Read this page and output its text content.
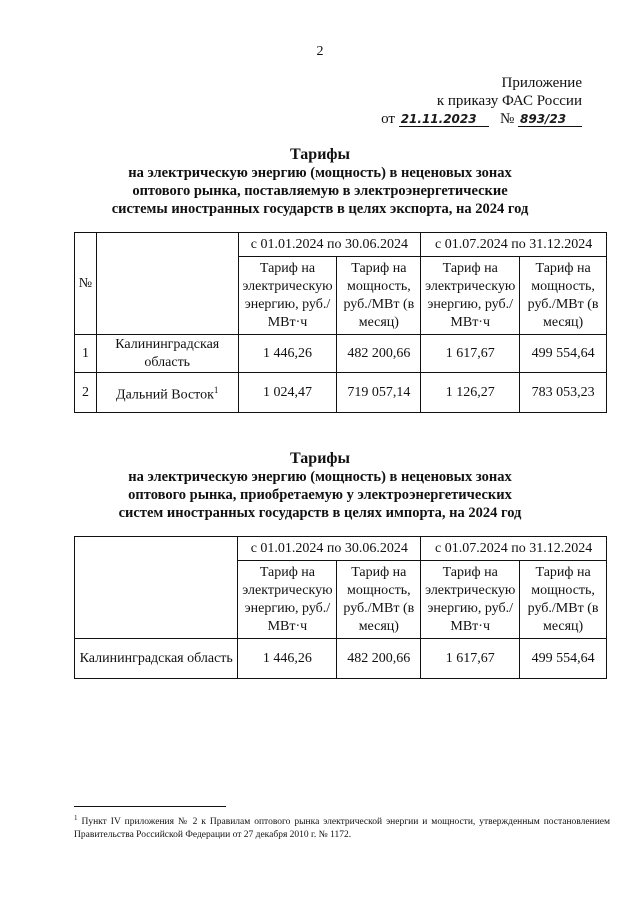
2
Приложение
к приказу ФАС России
от 21.11.2023 № 893/23
Тарифы
на электрическую энергию (мощность) в неценовых зонах
оптового рынка, поставляемую в электроэнергетические
системы иностранных государств в целях экспорта, на 2024 год
№		с 01.01.2024 по 30.06.2024		с 01.07.2024 по 31.12.2024	
		Тариф на электрическую энергию, руб./МВт·ч	Тариф на мощность, руб./МВт (в месяц)	Тариф на электрическую энергию, руб./МВт·ч	Тариф на мощность, руб./МВт (в месяц)
1	Калининградская область	1 446,26	482 200,66	1 617,67	499 554,64
2	Дальний Восток$^1$	1 024,47	719 057,14	1 126,27	783 053,23
Тарифы
на электрическую энергию (мощность) в неценовых зонах
оптового рынка, приобретаемую у электроэнергетических
систем иностранных государств в целях импорта, на 2024 год
	с 01.01.2024 по 30.06.2024		с 01.07.2024 по 31.12.2024	
	Тариф на электрическую энергию, руб./МВт·ч	Тариф на мощность, руб./МВт (в месяц)	Тариф на электрическую энергию, руб./МВт·ч	Тариф на мощность, руб./МВт (в месяц)
Калининградская область	1 446,26	482 200,66	1 617,67	499 554,64
$^1$ Пункт IV приложения № 2 к Правилам оптового рынка электрической энергии и мощности, утвержденным постановлением Правительства Российской Федерации от 27 декабря 2010 г. № 1172.
